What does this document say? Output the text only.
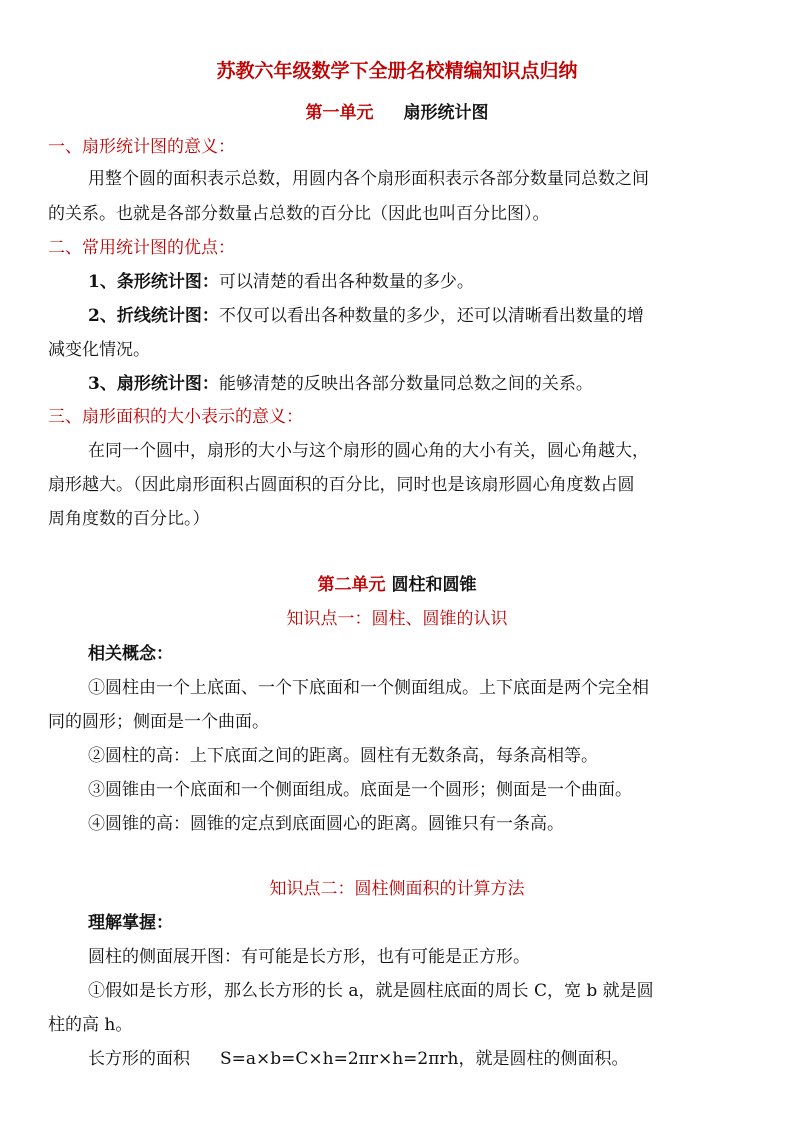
苏教六年级数学下全册名校精编知识点归纳
第一单元 扇形统计图
一、扇形统计图的意义：
用整个圆的面积表示总数，用圆内各个扇形面积表示各部分数量同总数之间
的关系。也就是各部分数量占总数的百分比（因此也叫百分比图）。
二、常用统计图的优点：
1、条形统计图：可以清楚的看出各种数量的多少。
2、折线统计图：不仅可以看出各种数量的多少，还可以清晰看出数量的增
减变化情况。
3、扇形统计图：能够清楚的反映出各部分数量同总数之间的关系。
三、扇形面积的大小表示的意义：
在同一个圆中，扇形的大小与这个扇形的圆心角的大小有关，圆心角越大，
扇形越大。（因此扇形面积占圆面积的百分比，同时也是该扇形圆心角度数占圆
周角度数的百分比。）
第二单元 圆柱和圆锥
知识点一：圆柱、圆锥的认识
相关概念：
①圆柱由一个上底面、一个下底面和一个侧面组成。上下底面是两个完全相
同的圆形；侧面是一个曲面。
②圆柱的高：上下底面之间的距离。圆柱有无数条高，每条高相等。
③圆锥由一个底面和一个侧面组成。底面是一个圆形；侧面是一个曲面。
④圆锥的高：圆锥的定点到底面圆心的距离。圆锥只有一条高。
知识点二：圆柱侧面积的计算方法
理解掌握：
圆柱的侧面展开图：有可能是长方形，也有可能是正方形。
①假如是长方形，那么长方形的长 a，就是圆柱底面的周长 C，宽 b 就是圆
柱的高 h。
长方形的面积 S=a×b=C×h=2πr×h=2πrh，就是圆柱的侧面积。
